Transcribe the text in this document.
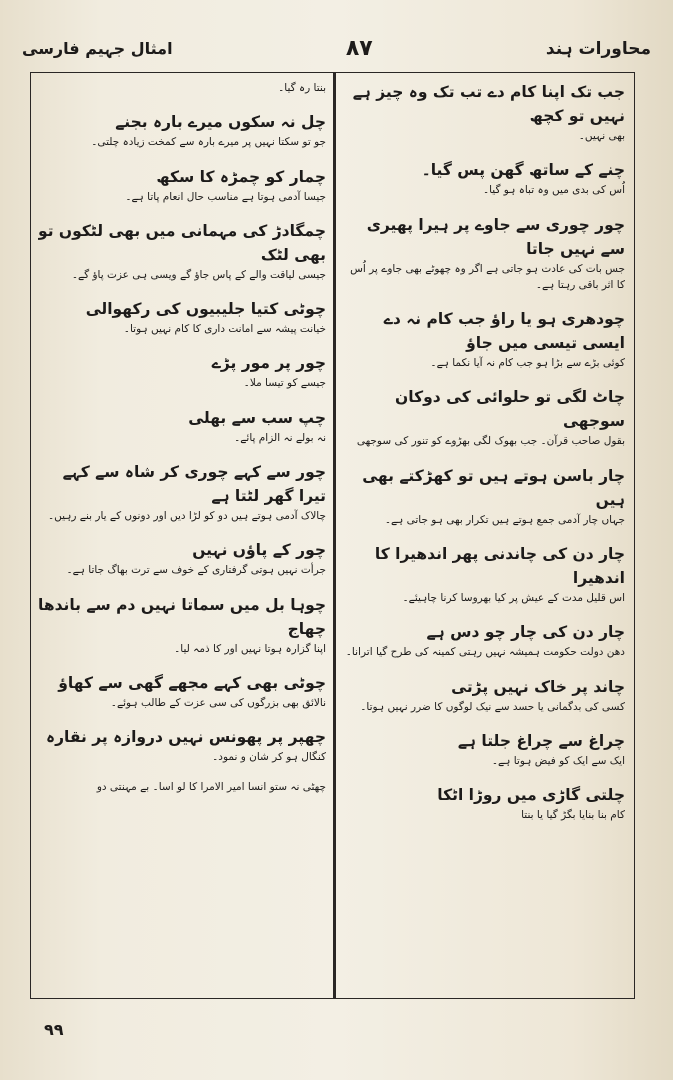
محاورات ہند
۸۷
امثال جہیم فارسی

جب تک اپنا کام دے تب تک وہ چیز ہے نہیں تو کچھ

بھی نہیں۔

چنے کے ساتھ گھن پس گیا۔

اُس کی بدی میں وہ تباہ ہو گیا۔

چور چوری سے جاوے پر ہیرا پھیری سے نہیں جاتا

جس بات کی عادت ہو جاتی ہے اگر وہ چھوٹے بھی جاوے پر اُس کا اثر باقی رہتا ہے۔

چودھری ہو یا راؤ جب کام نہ دے ایسی تیسی میں جاؤ

کوئی بڑے سے بڑا ہو جب کام نہ آیا نکما ہے۔

چاٹ لگی تو حلوائی کی دوکان سوجھی

بقول صاحب قرآن۔ جب بھوک لگی بھڑوے کو تنور کی سوجھی

چار باسن ہوتے ہیں تو کھڑکتے بھی ہیں

جہاں چار آدمی جمع ہوتے ہیں تکرار بھی ہو جاتی ہے۔

چار دن کی چاندنی پھر اندھیرا کا اندھیرا

اس قلیل مدت کے عیش پر کیا بھروسا کرنا چاہیئے۔

چار دن کی چار چو دس ہے

دھن دولت حکومت ہمیشہ نہیں رہتی کمینہ کی طرح گیا اترانا۔

چاند پر خاک نہیں پڑتی

کسی کی بدگمانی یا حسد سے نیک لوگوں کا ضرر نہیں ہوتا۔

چراغ سے چراغ جلتا ہے

ایک سے ایک کو فیض ہوتا ہے۔

چلتی گاڑی میں روڑا اٹکا

کام بنا بنایا بگڑ گیا یا بنتا

بنتا رہ گیا۔

چل نہ سکوں میرے بارہ بجنے

جو تو سکتا نہیں پر میرے بارہ سے کمخت زیادہ چلتی۔

چمار کو چمڑہ کا سکھ

جیسا آدمی ہوتا ہے مناسب حال انعام پاتا ہے۔

چمگادڑ کی مہمانی میں بھی لٹکوں تو بھی لٹک

جیسی لیاقت والے کے پاس جاؤ گے ویسی ہی عزت پاؤ گے۔

چوٹی کتیا جلیبیوں کی رکھوالی

خیانت پیشہ سے امانت داری کا کام نہیں ہوتا۔

چور پر مور پڑے

جیسے کو تیسا ملا۔

چپ سب سے بھلی

نہ بولے نہ الزام پائے۔

چور سے کہے چوری کر شاہ سے کہے تیرا گھر لٹتا ہے

چالاک آدمی ہوتے ہیں دو کو لڑا دیں اور دونوں کے یار بنے رہیں۔

چور کے پاؤں نہیں

جرأت نہیں ہوتی گرفتاری کے خوف سے ترت بھاگ جاتا ہے۔

چوہا بل میں سماتا نہیں دم سے باندھا چھاج

اپنا گزارہ ہوتا نہیں اور کا ذمہ لیا۔

چوٹی بھی کہے مجھے گھی سے کھاؤ

نالائق بھی بزرگوں کی سی عزت کے طالب ہوئے۔

چھپر پر پھونس نہیں دروازہ پر نقارہ

کنگال ہو کر شان و نمود۔

چھٹی نہ ستو انسا امیر الامرا کا لو اسا۔ بے مہنتی دو

۹۹
